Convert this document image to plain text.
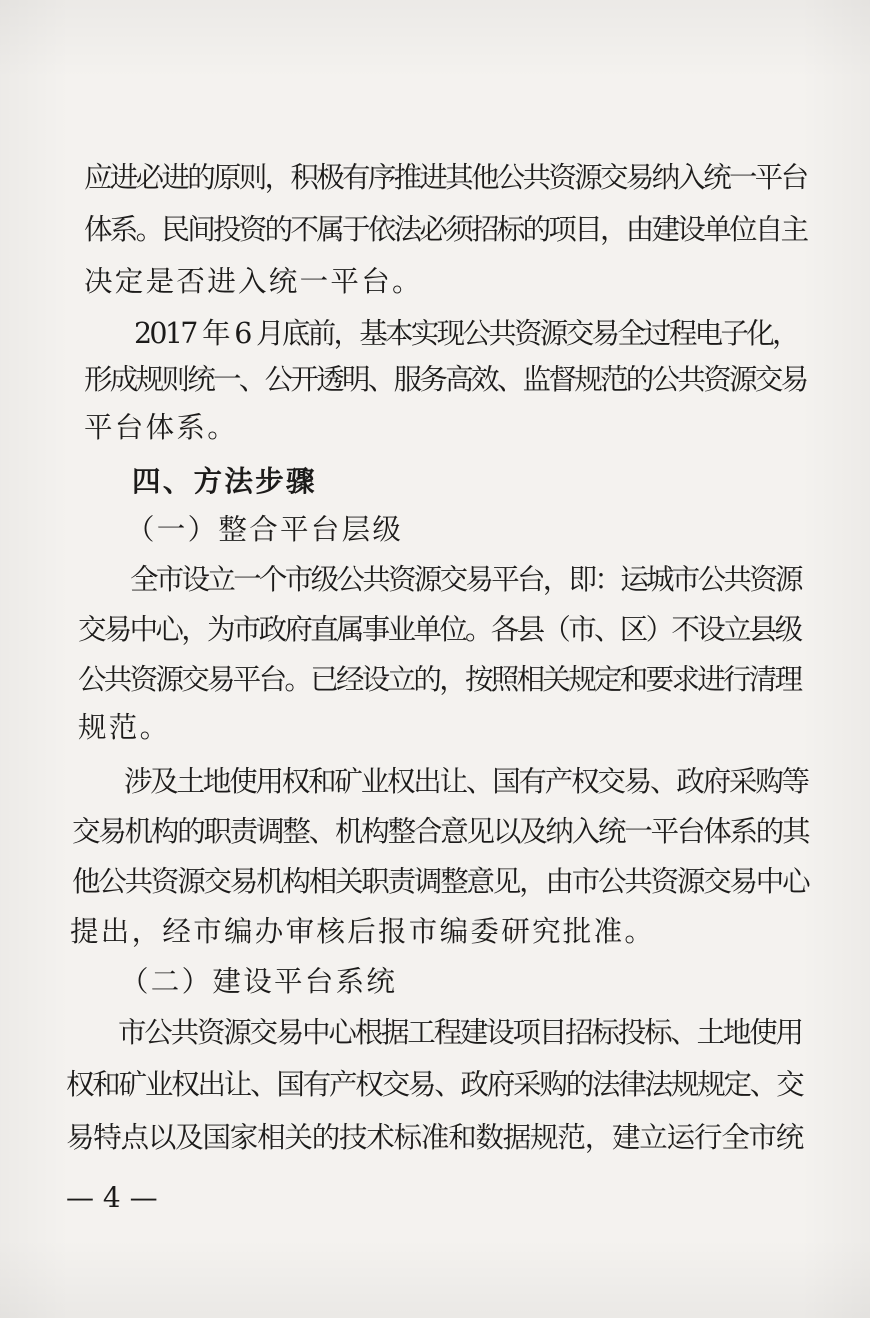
应进必进的原则，积极有序推进其他公共资源交易纳入统一平台
体系。民间投资的不属于依法必须招标的项目，由建设单位自主
决定是否进入统一平台。
2017 年 6 月底前，基本实现公共资源交易全过程电子化，
形成规则统一、公开透明、服务高效、监督规范的公共资源交易
平台体系。
四、方法步骤
（一）整合平台层级
全市设立一个市级公共资源交易平台，即：运城市公共资源
交易中心，为市政府直属事业单位。各县（市、区）不设立县级
公共资源交易平台。已经设立的，按照相关规定和要求进行清理
规范。
涉及土地使用权和矿业权出让、国有产权交易、政府采购等
交易机构的职责调整、机构整合意见以及纳入统一平台体系的其
他公共资源交易机构相关职责调整意见，由市公共资源交易中心
提出，经市编办审核后报市编委研究批准。
（二）建设平台系统
市公共资源交易中心根据工程建设项目招标投标、土地使用
权和矿业权出让、国有产权交易、政府采购的法律法规规定、交
易特点以及国家相关的技术标准和数据规范，建立运行全市统
— 4 —
